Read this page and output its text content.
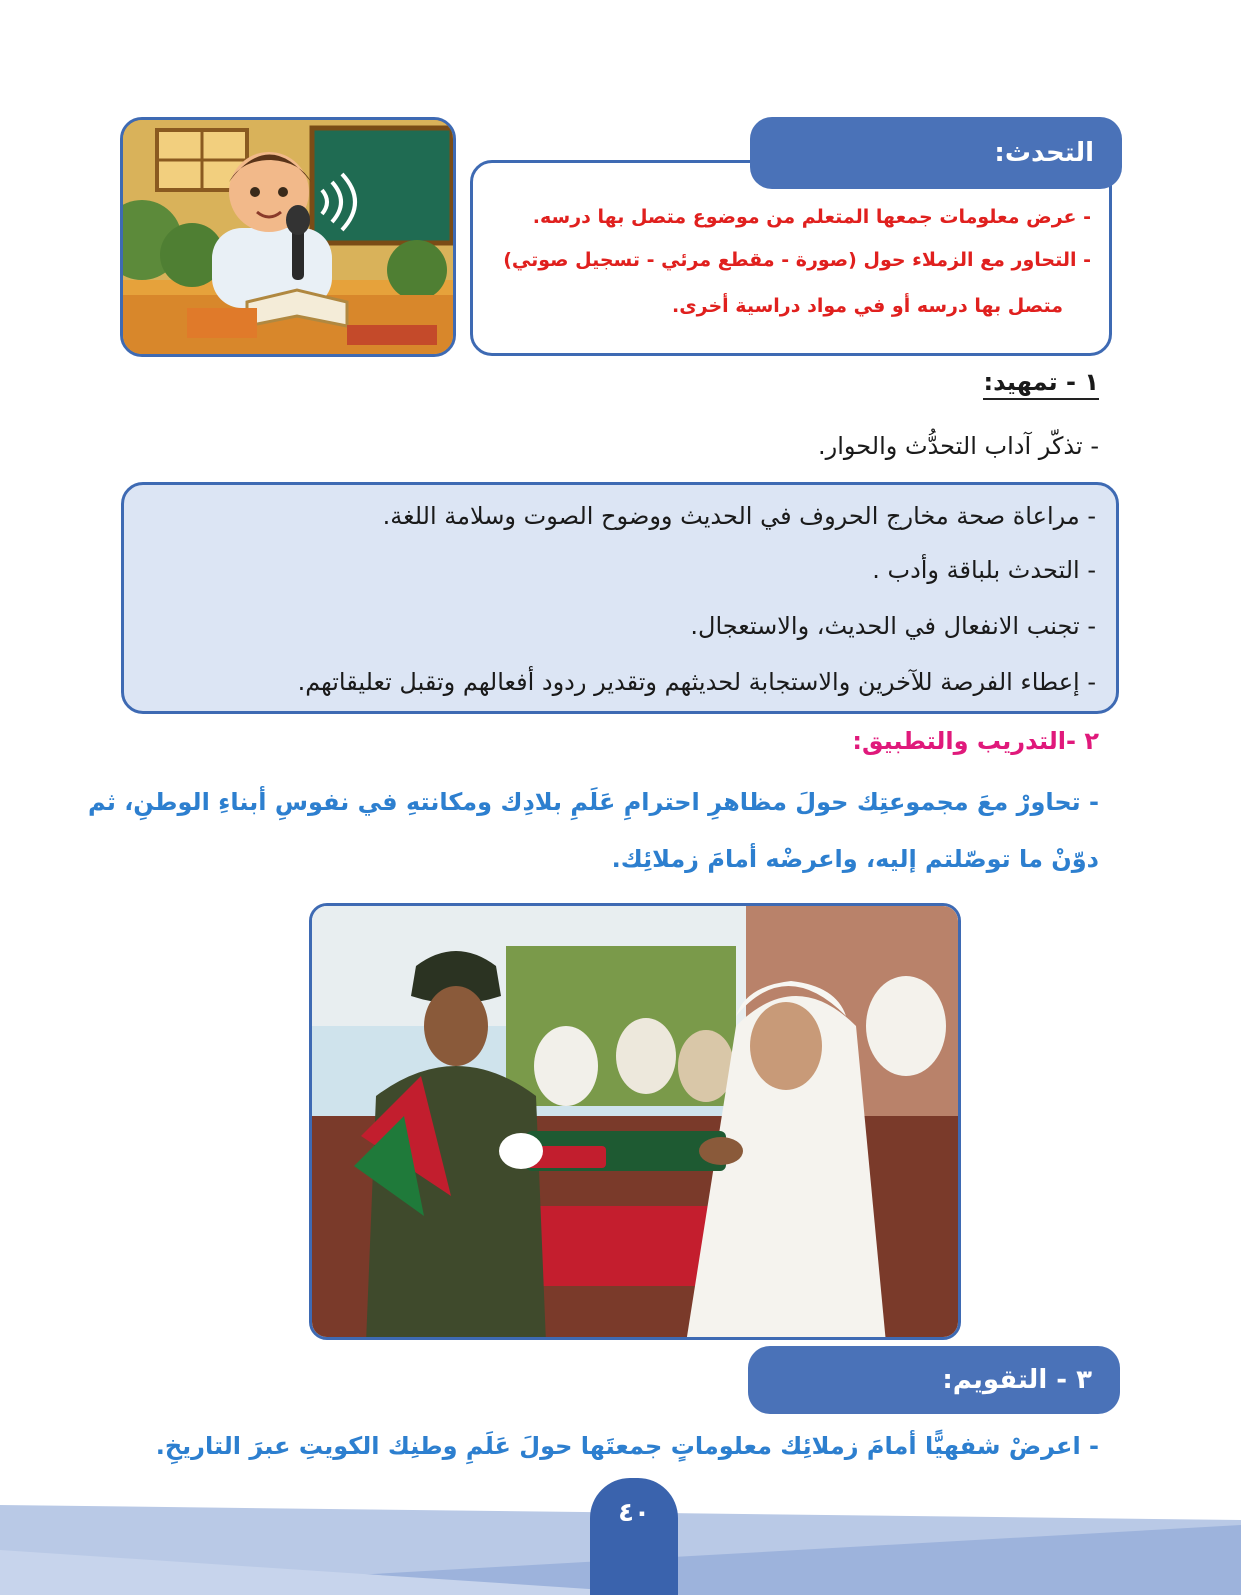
التحدث:
- عرض معلومات جمعها المتعلم من موضوع متصل بها درسه.
- التحاور مع الزملاء حول (صورة - مقطع مرئي - تسجيل صوتي)
متصل بها درسه أو في مواد دراسية أخرى.
١ - تمهيد:
- تذكّر آداب التحدُّث والحوار.
- مراعاة صحة مخارج الحروف في الحديث ووضوح الصوت وسلامة اللغة.
- التحدث بلباقة وأدب .
- تجنب الانفعال في الحديث، والاستعجال.
- إعطاء الفرصة للآخرين والاستجابة لحديثهم وتقدير ردود أفعالهم وتقبل تعليقاتهم.
٢ -التدريب والتطبيق:
- تحاورْ معَ مجموعتِك حولَ مظاهرِ احترامِ عَلَمِ بلادِك ومكانتهِ في نفوسِ أبناءِ الوطنِ، ثم
دوّنْ ما توصّلتم إليه، واعرضْه أمامَ زملائِك.
٣ - التقويم:
- اعرضْ شفهيًّا أمامَ زملائِك معلوماتٍ جمعتَها حولَ عَلَمِ وطنِك الكويتِ عبرَ التاريخِ.
٤٠
